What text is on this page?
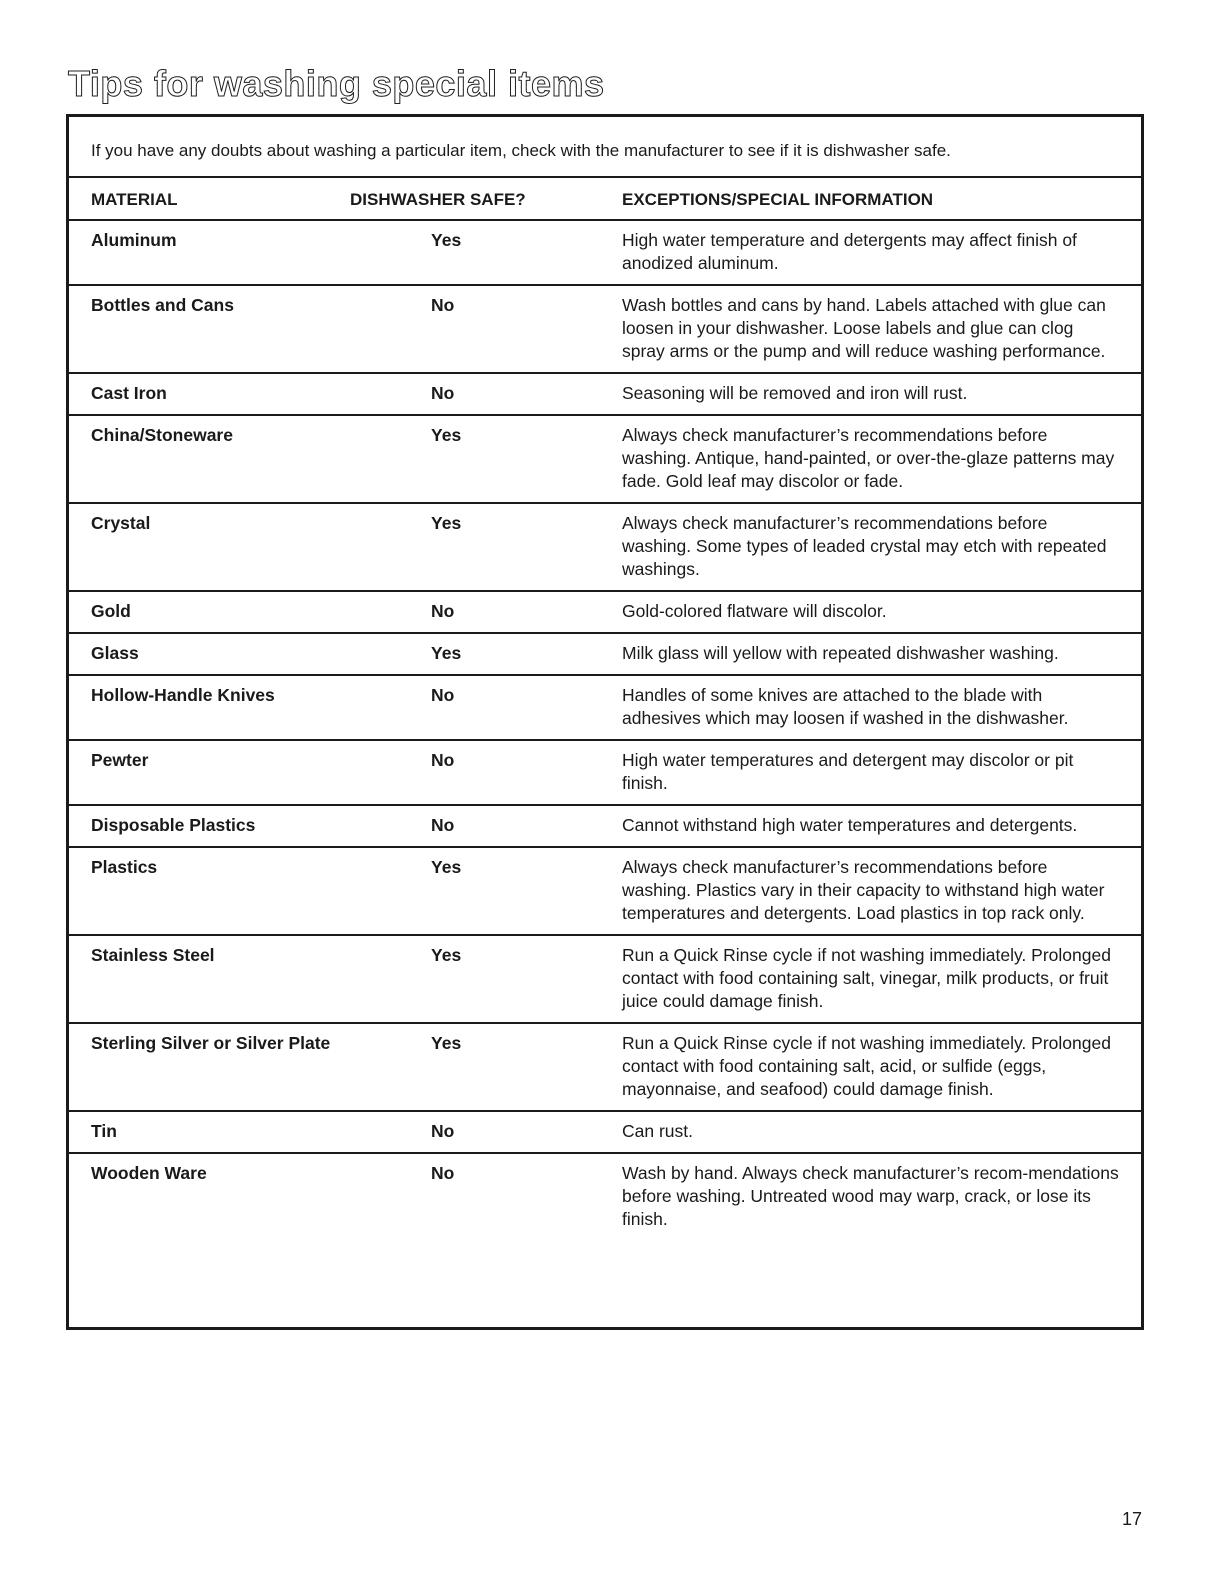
Tips for washing special items
If you have any doubts about washing a particular item, check with the manufacturer to see if it is dishwasher safe.
MATERIAL	DISHWASHER SAFE?	EXCEPTIONS/SPECIAL INFORMATION
Aluminum	Yes	High water temperature and detergents may affect finish of anodized aluminum.
Bottles and Cans	No	Wash bottles and cans by hand. Labels attached with glue can loosen in your dishwasher. Loose labels and glue can clog spray arms or the pump and will reduce washing performance.
Cast Iron	No	Seasoning will be removed and iron will rust.
China/Stoneware	Yes	Always check manufacturer’s recommendations before washing. Antique, hand-painted, or over-the-glaze patterns may fade. Gold leaf may discolor or fade.
Crystal	Yes	Always check manufacturer’s recommendations before washing. Some types of leaded crystal may etch with repeated washings.
Gold	No	Gold-colored flatware will discolor.
Glass	Yes	Milk glass will yellow with repeated dishwasher washing.
Hollow-Handle Knives	No	Handles of some knives are attached to the blade with adhesives which may loosen if washed in the dishwasher.
Pewter	No	High water temperatures and detergent may discolor or pit finish.
Disposable Plastics	No	Cannot withstand high water temperatures and detergents.
Plastics	Yes	Always check manufacturer’s recommendations before washing. Plastics vary in their capacity to withstand high water temperatures and detergents. Load plastics in top rack only.
Stainless Steel	Yes	Run a Quick Rinse cycle if not washing immediately. Prolonged contact with food containing salt, vinegar, milk products, or fruit juice could damage finish.
Sterling Silver or Silver Plate	Yes	Run a Quick Rinse cycle if not washing immediately. Prolonged contact with food containing salt, acid, or sulfide (eggs, mayonnaise, and seafood) could damage finish.
Tin	No	Can rust.
Wooden Ware	No	Wash by hand. Always check manufacturer’s recom-mendations before washing. Untreated wood may warp, crack, or lose its finish.
17
